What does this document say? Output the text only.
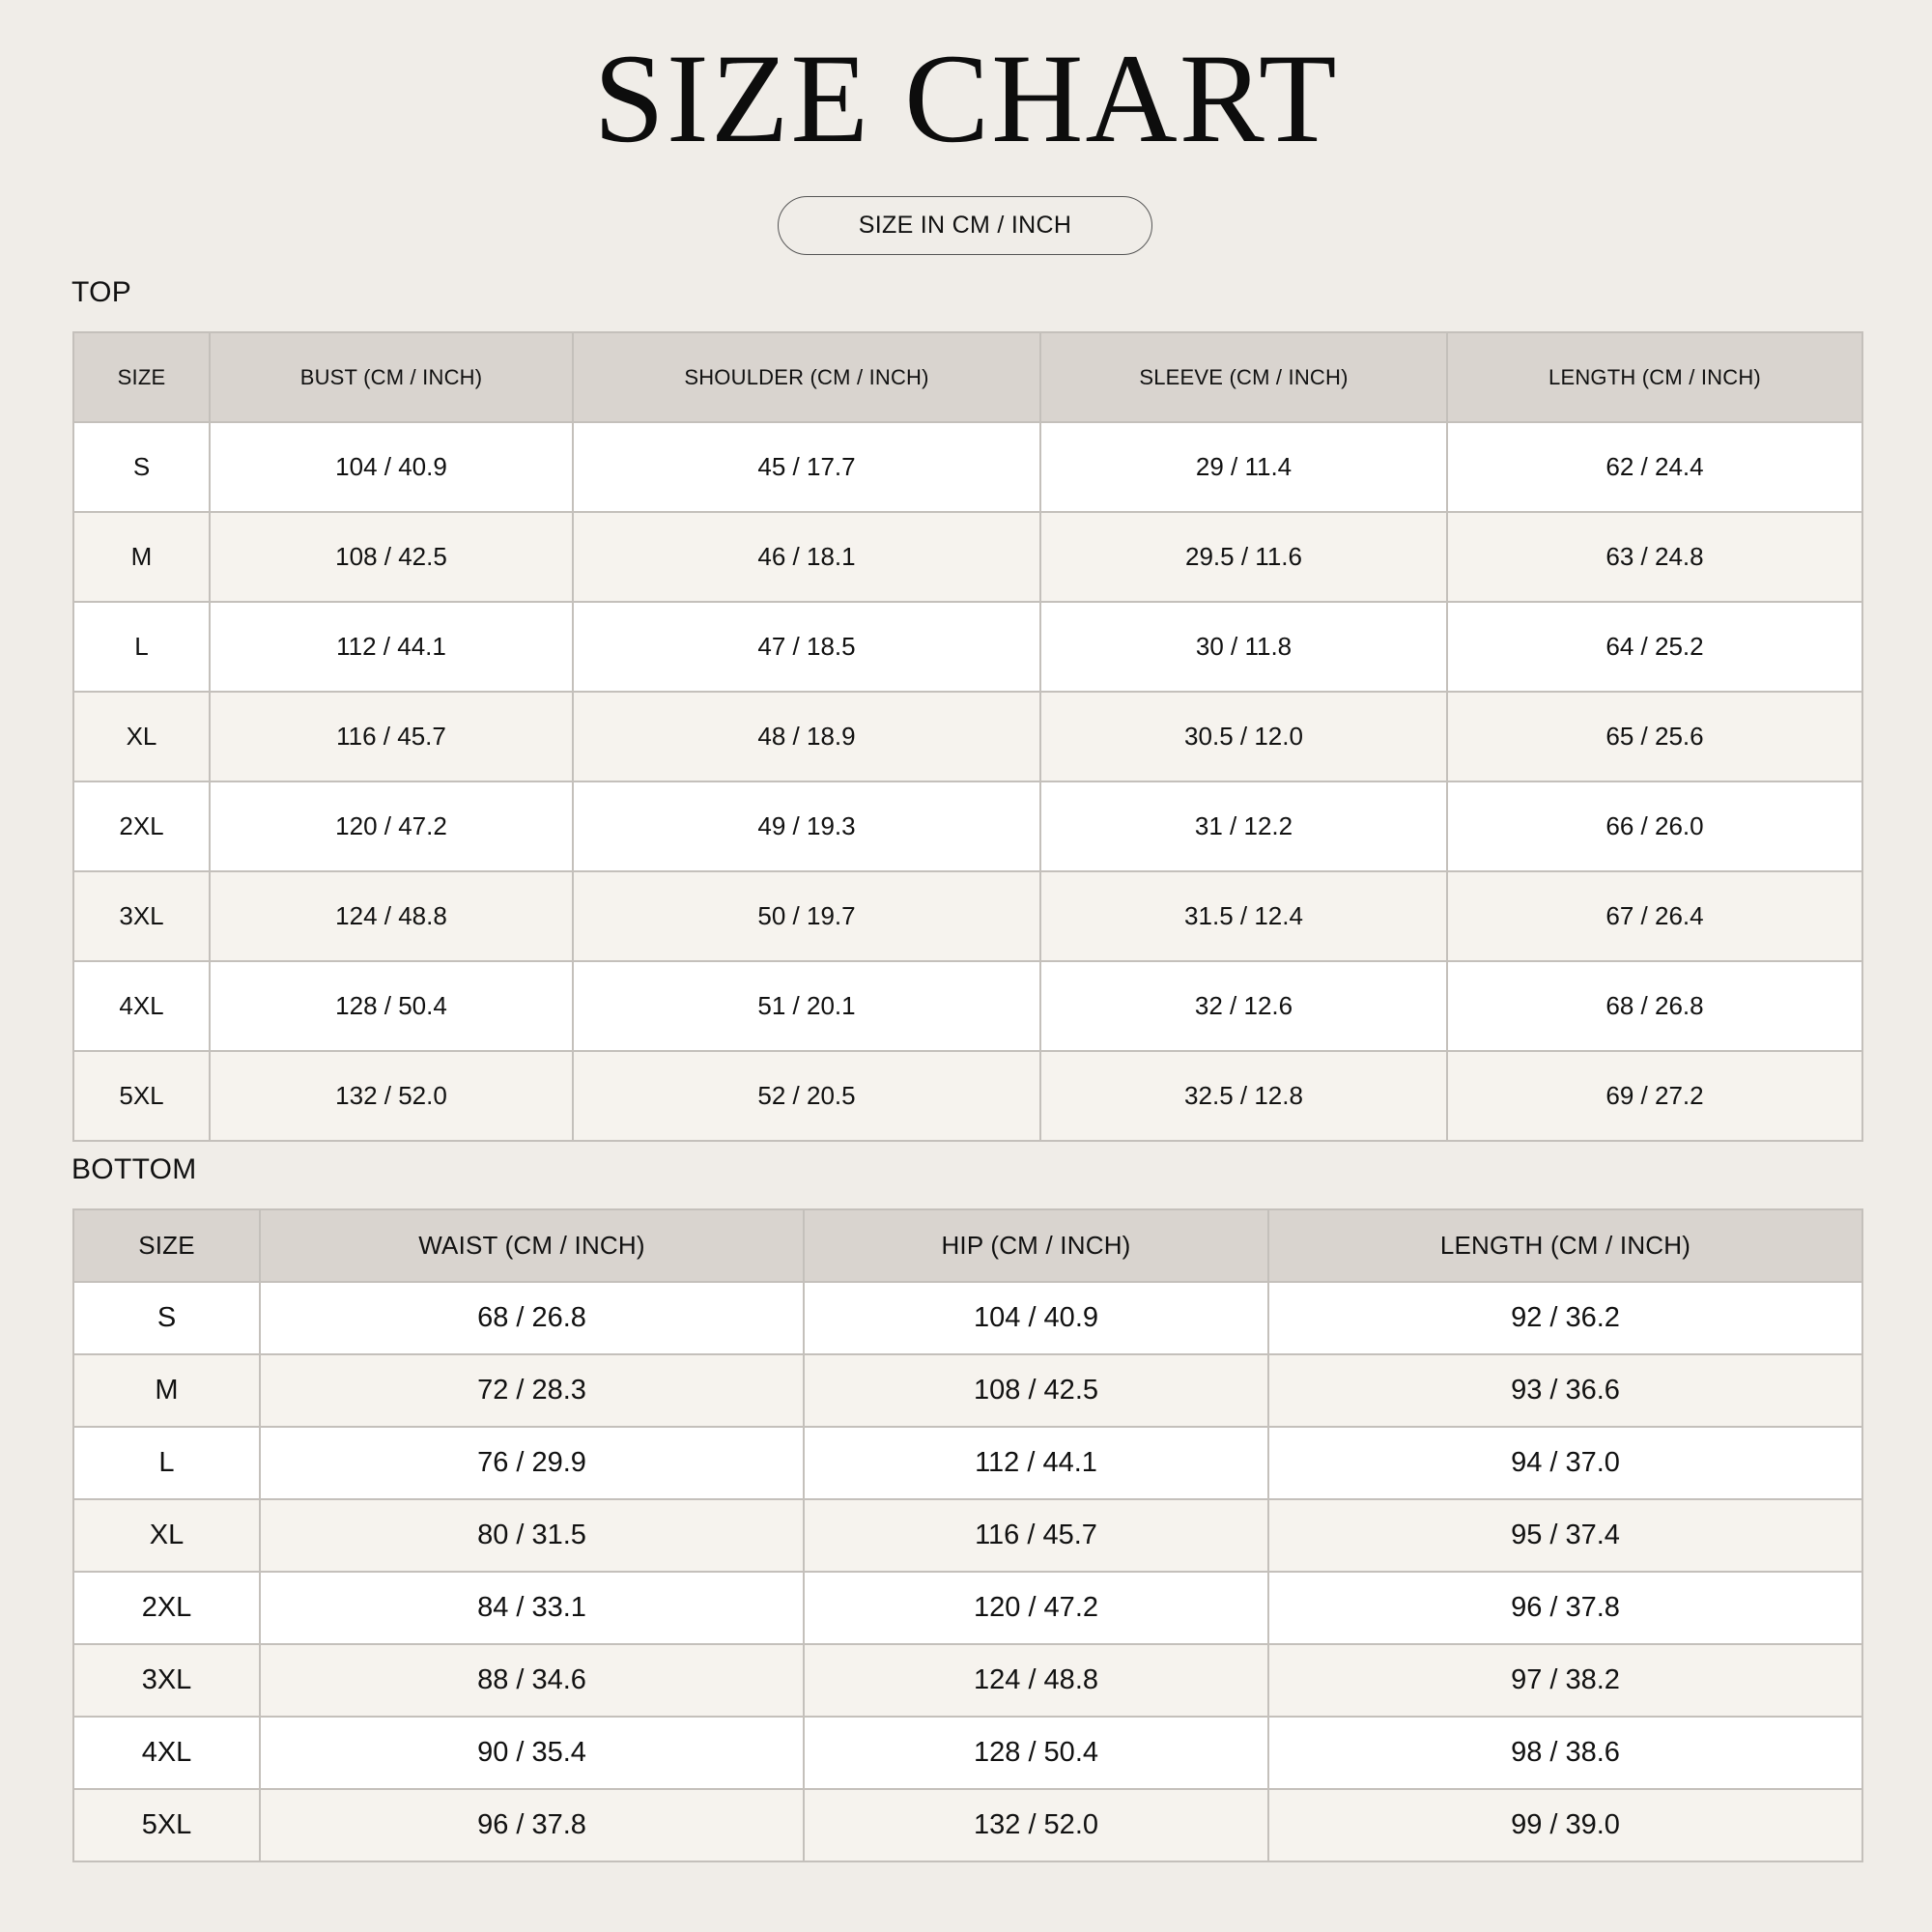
SIZE CHART
SIZE IN CM / INCH
TOP
SIZE	BUST (CM / INCH)	SHOULDER (CM / INCH)	SLEEVE (CM / INCH)	LENGTH (CM / INCH)
S	104 / 40.9	45 / 17.7	29 / 11.4	62 / 24.4
M	108 / 42.5	46 / 18.1	29.5 / 11.6	63 / 24.8
L	112 / 44.1	47 / 18.5	30 / 11.8	64 / 25.2
XL	116 / 45.7	48 / 18.9	30.5 / 12.0	65 / 25.6
2XL	120 / 47.2	49 / 19.3	31 / 12.2	66 / 26.0
3XL	124 / 48.8	50 / 19.7	31.5 / 12.4	67 / 26.4
4XL	128 / 50.4	51 / 20.1	32 / 12.6	68 / 26.8
5XL	132 / 52.0	52 / 20.5	32.5 / 12.8	69 / 27.2
BOTTOM
SIZE	WAIST (CM / INCH)	HIP (CM / INCH)	LENGTH (CM / INCH)
S	68 / 26.8	104 / 40.9	92 / 36.2
M	72 / 28.3	108 / 42.5	93 / 36.6
L	76 / 29.9	112 / 44.1	94 / 37.0
XL	80 / 31.5	116 / 45.7	95 / 37.4
2XL	84 / 33.1	120 / 47.2	96 / 37.8
3XL	88 / 34.6	124 / 48.8	97 / 38.2
4XL	90 / 35.4	128 / 50.4	98 / 38.6
5XL	96 / 37.8	132 / 52.0	99 / 39.0
